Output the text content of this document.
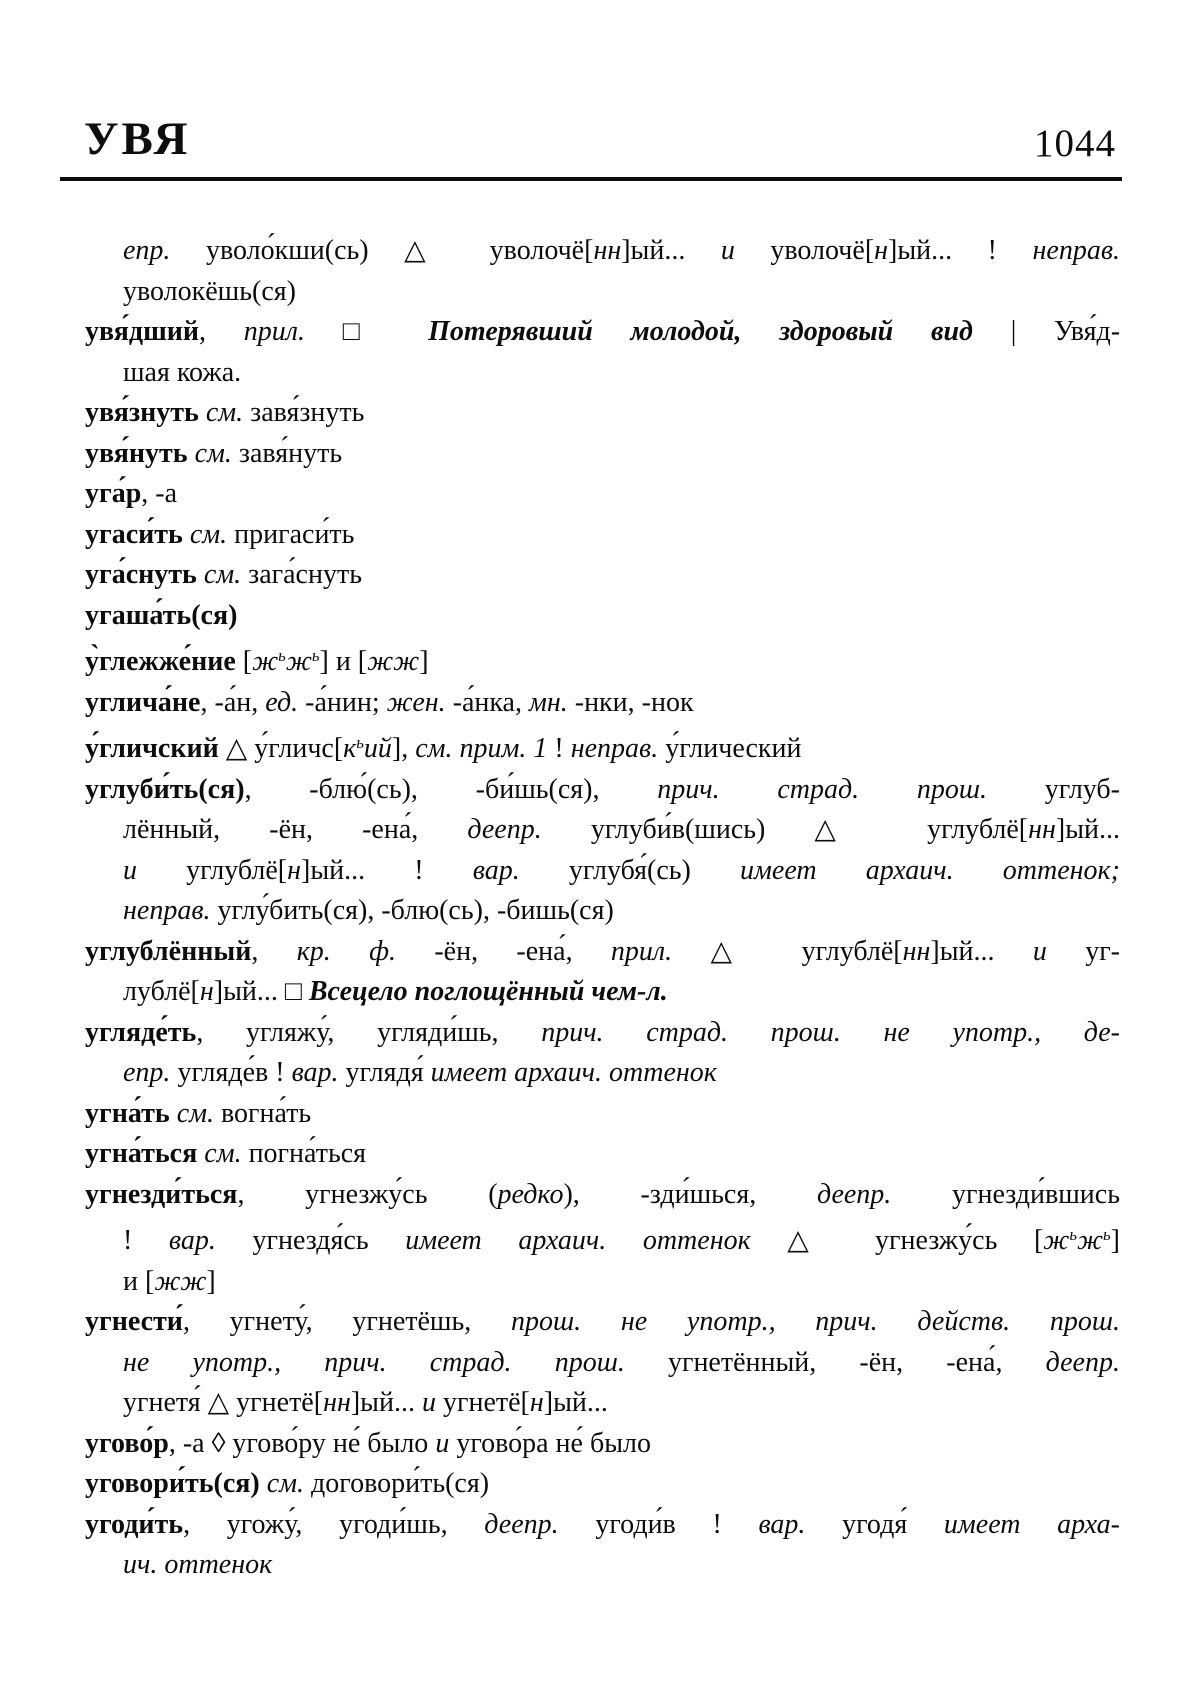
УВЯ	1044
епр. уволо́кши(сь) △ уволочё[нн]ый... и уволочё[н]ый... ! неправ.
уволокёшь(ся)
увя́дший, прил. □ Потерявший молодой, здоровый вид | Увя́д-
шая кожа.
увя́знуть см. завя́знуть
увя́нуть см. завя́нуть
уга́р, -а
угаси́ть см. пригаси́ть
уга́снуть см. зага́снуть
угаша́ть(ся)
у̀глежже́ние $[ж^ьж^ь]$ и [жж]
углича́не, -а́н, ед. -а́нин; жен. -а́нка, мн. -нки, -нок
у́гличский △ $у́гличс[к^ьий]$, см. прим. 1 ! неправ. у́глический
углуби́ть(ся), -блю́(сь), -би́шь(ся), прич. страд. прош. углуб-
лённый, -ён, -ена́, деепр. углуби́в(шись) △ углублё[нн]ый...
и углублё[н]ый... ! вар. углубя́(сь) имеет архаич. оттенок;
неправ. углу́бить(ся), -блю(сь), -бишь(ся)
углублённый, кр. ф. -ён, -ена́, прил. △ углублё[нн]ый... и уг-
лублё[н]ый... □ Всецело поглощённый чем-л.
угляде́ть, угляжу́, угляди́шь, прич. страд. прош. не употр., де-
епр. угляде́в ! вар. углядя́ имеет архаич. оттенок
угна́ть см. вогна́ть
угна́ться см. погна́ться
угнезди́ться, угнезжу́сь (редко), -зди́шься, деепр. угнезди́вшись
! вар. угнездя́сь имеет архаич. оттенок △ угнезжу́сь $[ж^ьж^ь]$
и [жж]
угнести́, угнету́, угнетёшь, прош. не употр., прич. действ. прош.
не употр., прич. страд. прош. угнетённый, -ён, -ена́, деепр.
угнетя́ △ угнетё[нн]ый... и угнетё[н]ый...
угово́р, -а ◊ угово́ру не́ было и угово́ра не́ было
уговори́ть(ся) см. договори́ть(ся)
угоди́ть, угожу́, угоди́шь, деепр. угоди́в ! вар. угодя́ имеет арха-
ич. оттенок
